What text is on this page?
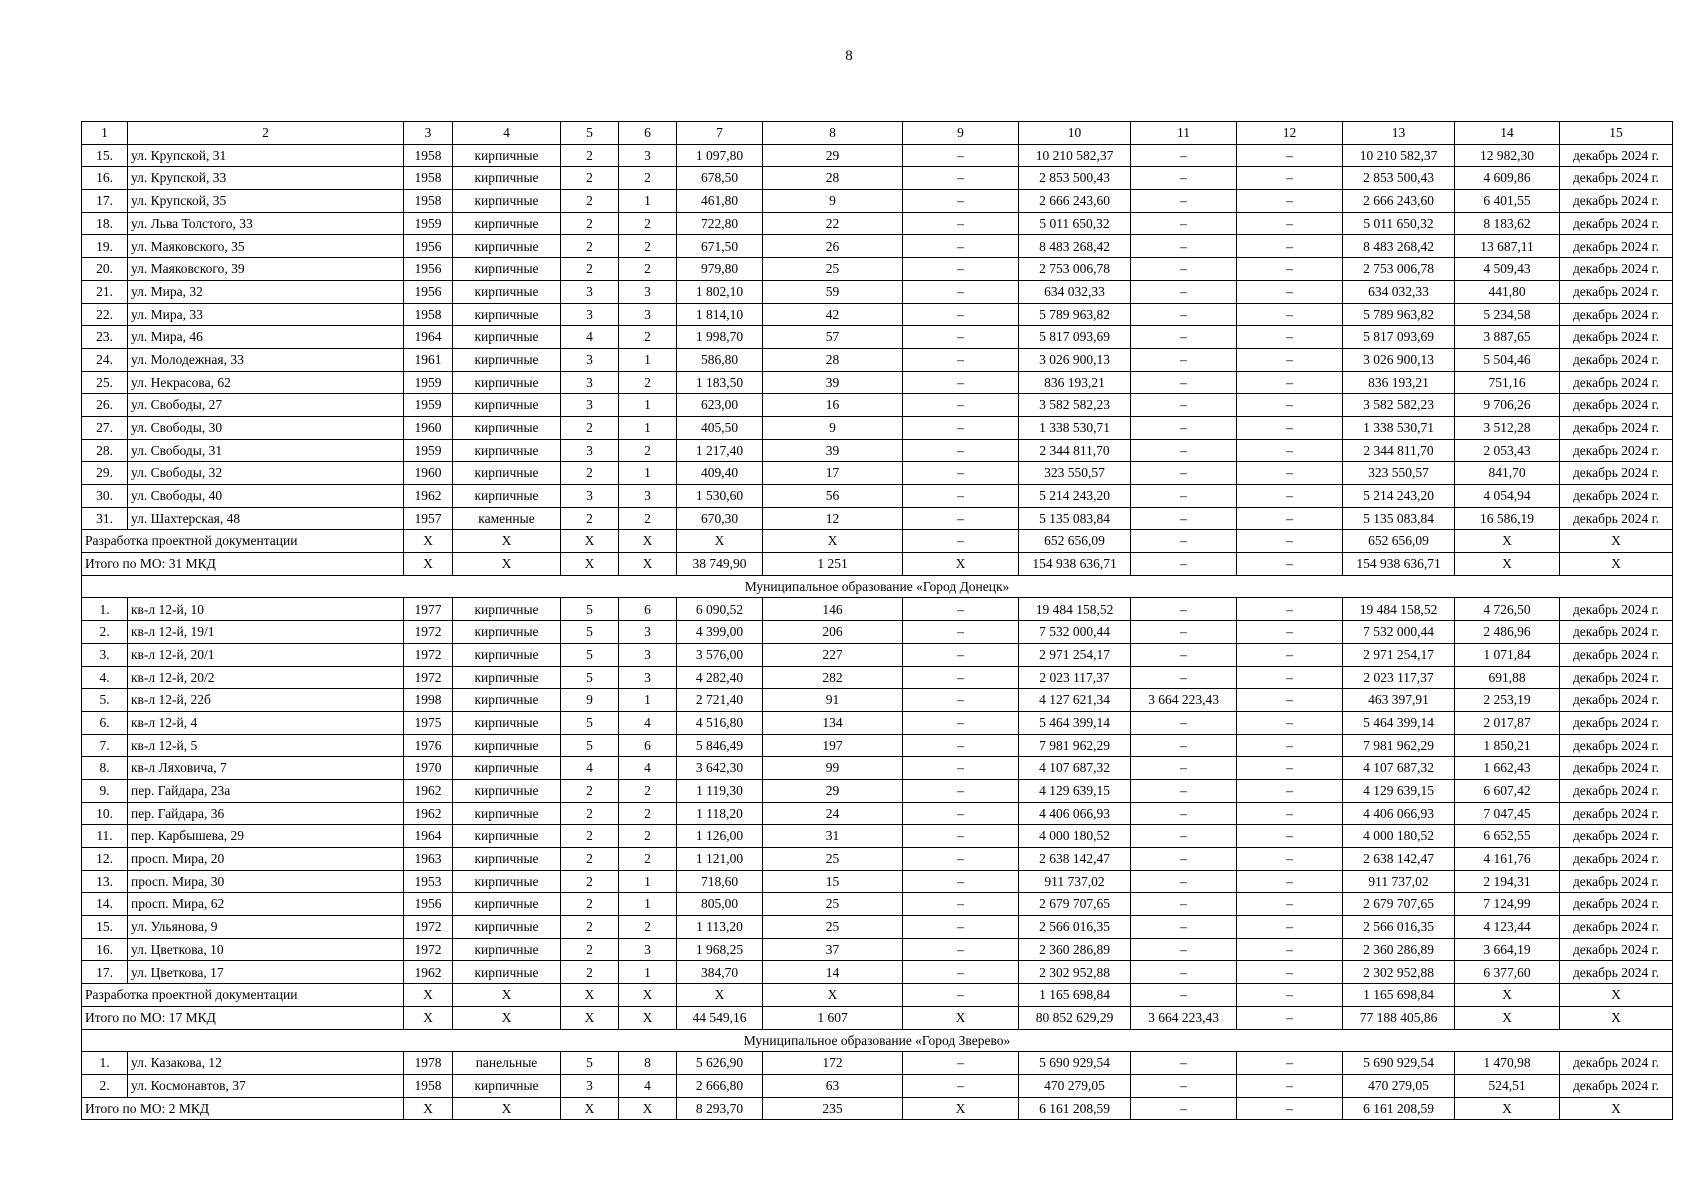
8
1	2	3	4	5	6	7	8	9	10	11	12	13	14	15
15.	ул. Крупской, 31	1958	кирпичные	2	3	1 097,80	29	–	10 210 582,37	–	–	10 210 582,37	12 982,30	декабрь 2024 г.
16.	ул. Крупской, 33	1958	кирпичные	2	2	678,50	28	–	2 853 500,43	–	–	2 853 500,43	4 609,86	декабрь 2024 г.
17.	ул. Крупской, 35	1958	кирпичные	2	1	461,80	9	–	2 666 243,60	–	–	2 666 243,60	6 401,55	декабрь 2024 г.
18.	ул. Льва Толстого, 33	1959	кирпичные	2	2	722,80	22	–	5 011 650,32	–	–	5 011 650,32	8 183,62	декабрь 2024 г.
19.	ул. Маяковского, 35	1956	кирпичные	2	2	671,50	26	–	8 483 268,42	–	–	8 483 268,42	13 687,11	декабрь 2024 г.
20.	ул. Маяковского, 39	1956	кирпичные	2	2	979,80	25	–	2 753 006,78	–	–	2 753 006,78	4 509,43	декабрь 2024 г.
21.	ул. Мира, 32	1956	кирпичные	3	3	1 802,10	59	–	634 032,33	–	–	634 032,33	441,80	декабрь 2024 г.
22.	ул. Мира, 33	1958	кирпичные	3	3	1 814,10	42	–	5 789 963,82	–	–	5 789 963,82	5 234,58	декабрь 2024 г.
23.	ул. Мира, 46	1964	кирпичные	4	2	1 998,70	57	–	5 817 093,69	–	–	5 817 093,69	3 887,65	декабрь 2024 г.
24.	ул. Молодежная, 33	1961	кирпичные	3	1	586,80	28	–	3 026 900,13	–	–	3 026 900,13	5 504,46	декабрь 2024 г.
25.	ул. Некрасова, 62	1959	кирпичные	3	2	1 183,50	39	–	836 193,21	–	–	836 193,21	751,16	декабрь 2024 г.
26.	ул. Свободы, 27	1959	кирпичные	3	1	623,00	16	–	3 582 582,23	–	–	3 582 582,23	9 706,26	декабрь 2024 г.
27.	ул. Свободы, 30	1960	кирпичные	2	1	405,50	9	–	1 338 530,71	–	–	1 338 530,71	3 512,28	декабрь 2024 г.
28.	ул. Свободы, 31	1959	кирпичные	3	2	1 217,40	39	–	2 344 811,70	–	–	2 344 811,70	2 053,43	декабрь 2024 г.
29.	ул. Свободы, 32	1960	кирпичные	2	1	409,40	17	–	323 550,57	–	–	323 550,57	841,70	декабрь 2024 г.
30.	ул. Свободы, 40	1962	кирпичные	3	3	1 530,60	56	–	5 214 243,20	–	–	5 214 243,20	4 054,94	декабрь 2024 г.
31.	ул. Шахтерская, 48	1957	каменные	2	2	670,30	12	–	5 135 083,84	–	–	5 135 083,84	16 586,19	декабрь 2024 г.
Разработка проектной документации		X	X	X	X	X	X	–	652 656,09	–	–	652 656,09	X	X
Итого по МО: 31 МКД		X	X	X	X	38 749,90	1 251	X	154 938 636,71	–	–	154 938 636,71	X	X
Муниципальное образование «Город Донецк»														
1.	кв-л 12-й, 10	1977	кирпичные	5	6	6 090,52	146	–	19 484 158,52	–	–	19 484 158,52	4 726,50	декабрь 2024 г.
2.	кв-л 12-й, 19/1	1972	кирпичные	5	3	4 399,00	206	–	7 532 000,44	–	–	7 532 000,44	2 486,96	декабрь 2024 г.
3.	кв-л 12-й, 20/1	1972	кирпичные	5	3	3 576,00	227	–	2 971 254,17	–	–	2 971 254,17	1 071,84	декабрь 2024 г.
4.	кв-л 12-й, 20/2	1972	кирпичные	5	3	4 282,40	282	–	2 023 117,37	–	–	2 023 117,37	691,88	декабрь 2024 г.
5.	кв-л 12-й, 22б	1998	кирпичные	9	1	2 721,40	91	–	4 127 621,34	3 664 223,43	–	463 397,91	2 253,19	декабрь 2024 г.
6.	кв-л 12-й, 4	1975	кирпичные	5	4	4 516,80	134	–	5 464 399,14	–	–	5 464 399,14	2 017,87	декабрь 2024 г.
7.	кв-л 12-й, 5	1976	кирпичные	5	6	5 846,49	197	–	7 981 962,29	–	–	7 981 962,29	1 850,21	декабрь 2024 г.
8.	кв-л Ляховича, 7	1970	кирпичные	4	4	3 642,30	99	–	4 107 687,32	–	–	4 107 687,32	1 662,43	декабрь 2024 г.
9.	пер. Гайдара, 23а	1962	кирпичные	2	2	1 119,30	29	–	4 129 639,15	–	–	4 129 639,15	6 607,42	декабрь 2024 г.
10.	пер. Гайдара, 36	1962	кирпичные	2	2	1 118,20	24	–	4 406 066,93	–	–	4 406 066,93	7 047,45	декабрь 2024 г.
11.	пер. Карбышева, 29	1964	кирпичные	2	2	1 126,00	31	–	4 000 180,52	–	–	4 000 180,52	6 652,55	декабрь 2024 г.
12.	просп. Мира, 20	1963	кирпичные	2	2	1 121,00	25	–	2 638 142,47	–	–	2 638 142,47	4 161,76	декабрь 2024 г.
13.	просп. Мира, 30	1953	кирпичные	2	1	718,60	15	–	911 737,02	–	–	911 737,02	2 194,31	декабрь 2024 г.
14.	просп. Мира, 62	1956	кирпичные	2	1	805,00	25	–	2 679 707,65	–	–	2 679 707,65	7 124,99	декабрь 2024 г.
15.	ул. Ульянова, 9	1972	кирпичные	2	2	1 113,20	25	–	2 566 016,35	–	–	2 566 016,35	4 123,44	декабрь 2024 г.
16.	ул. Цветкова, 10	1972	кирпичные	2	3	1 968,25	37	–	2 360 286,89	–	–	2 360 286,89	3 664,19	декабрь 2024 г.
17.	ул. Цветкова, 17	1962	кирпичные	2	1	384,70	14	–	2 302 952,88	–	–	2 302 952,88	6 377,60	декабрь 2024 г.
Разработка проектной документации		X	X	X	X	X	X	–	1 165 698,84	–	–	1 165 698,84	X	X
Итого по МО: 17 МКД		X	X	X	X	44 549,16	1 607	X	80 852 629,29	3 664 223,43	–	77 188 405,86	X	X
Муниципальное образование «Город Зверево»														
1.	ул. Казакова, 12	1978	панельные	5	8	5 626,90	172	–	5 690 929,54	–	–	5 690 929,54	1 470,98	декабрь 2024 г.
2.	ул. Космонавтов, 37	1958	кирпичные	3	4	2 666,80	63	–	470 279,05	–	–	470 279,05	524,51	декабрь 2024 г.
Итого по МО: 2 МКД		X	X	X	X	8 293,70	235	X	6 161 208,59	–	–	6 161 208,59	X	X
